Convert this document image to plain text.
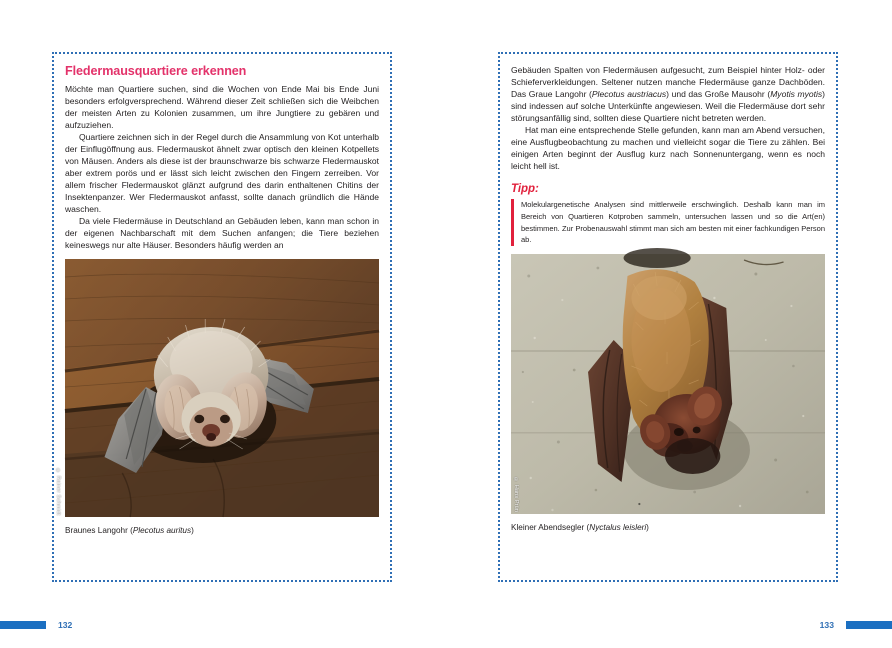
Fledermausquartiere erkennen

Möchte man Quartiere suchen, sind die Wochen von Ende Mai bis Ende Juni besonders erfolgversprechend. Während dieser Zeit schließen sich die Weibchen der meisten Arten zu Kolonien zusammen, um ihre Jungtiere zu gebären und aufzuziehen.

Quartiere zeichnen sich in der Regel durch die Ansammlung von Kot unterhalb der Einflugöffnung aus. Fledermauskot ähnelt zwar optisch den kleinen Kotpellets von Mäusen. Anders als diese ist der braunschwarze bis schwarze Fledermauskot aber extrem porös und er lässt sich leicht zwischen den Fingern zerreiben. Vor allem frischer Fledermauskot glänzt aufgrund des darin enthaltenen Chitins der Insektenpanzer. Wer Fledermauskot anfasst, sollte danach gründlich die Hände waschen.

Da viele Fledermäuse in Deutschland an Gebäuden leben, kann man schon in der eigenen Nachbarschaft mit dem Suchen anfangen; die Tiere beziehen keineswegs nur alte Häuser. Besonders häufig werden an

© Rainer Schmidt
Braunes Langohr (Plecotus auritus)

Gebäuden Spalten von Fledermäusen aufgesucht, zum Beispiel hinter Holz- oder Schieferverkleidungen. Seltener nutzen manche Fledermäuse ganze Dachböden. Das Graue Langohr (Plecotus austriacus) und das Große Mausohr (Myotis myotis) sind indessen auf solche Unterkünfte angewiesen. Weil die Fledermäuse dort sehr störungsanfällig sind, sollten diese Quartiere nicht betreten werden.

Hat man eine entsprechende Stelle gefunden, kann man am Abend versuchen, eine Ausflugbeobachtung zu machen und vielleicht sogar die Tiere zu zählen. Bei einigen Arten beginnt der Ausflug kurz nach Sonnenuntergang, wenn es noch leicht hell ist.

Tipp:
Molekulargenetische Analysen sind mittlerweile erschwinglich. Deshalb kann man im Bereich von Quartieren Kotproben sammeln, untersuchen lassen und so die Art(en) bestimmen. Zur Probenauswahl stimmt man sich am besten mit einer fachkundigen Person ab.
© Hans Prün
Kleiner Abendsegler (Nyctalus leisleri)
132	133
